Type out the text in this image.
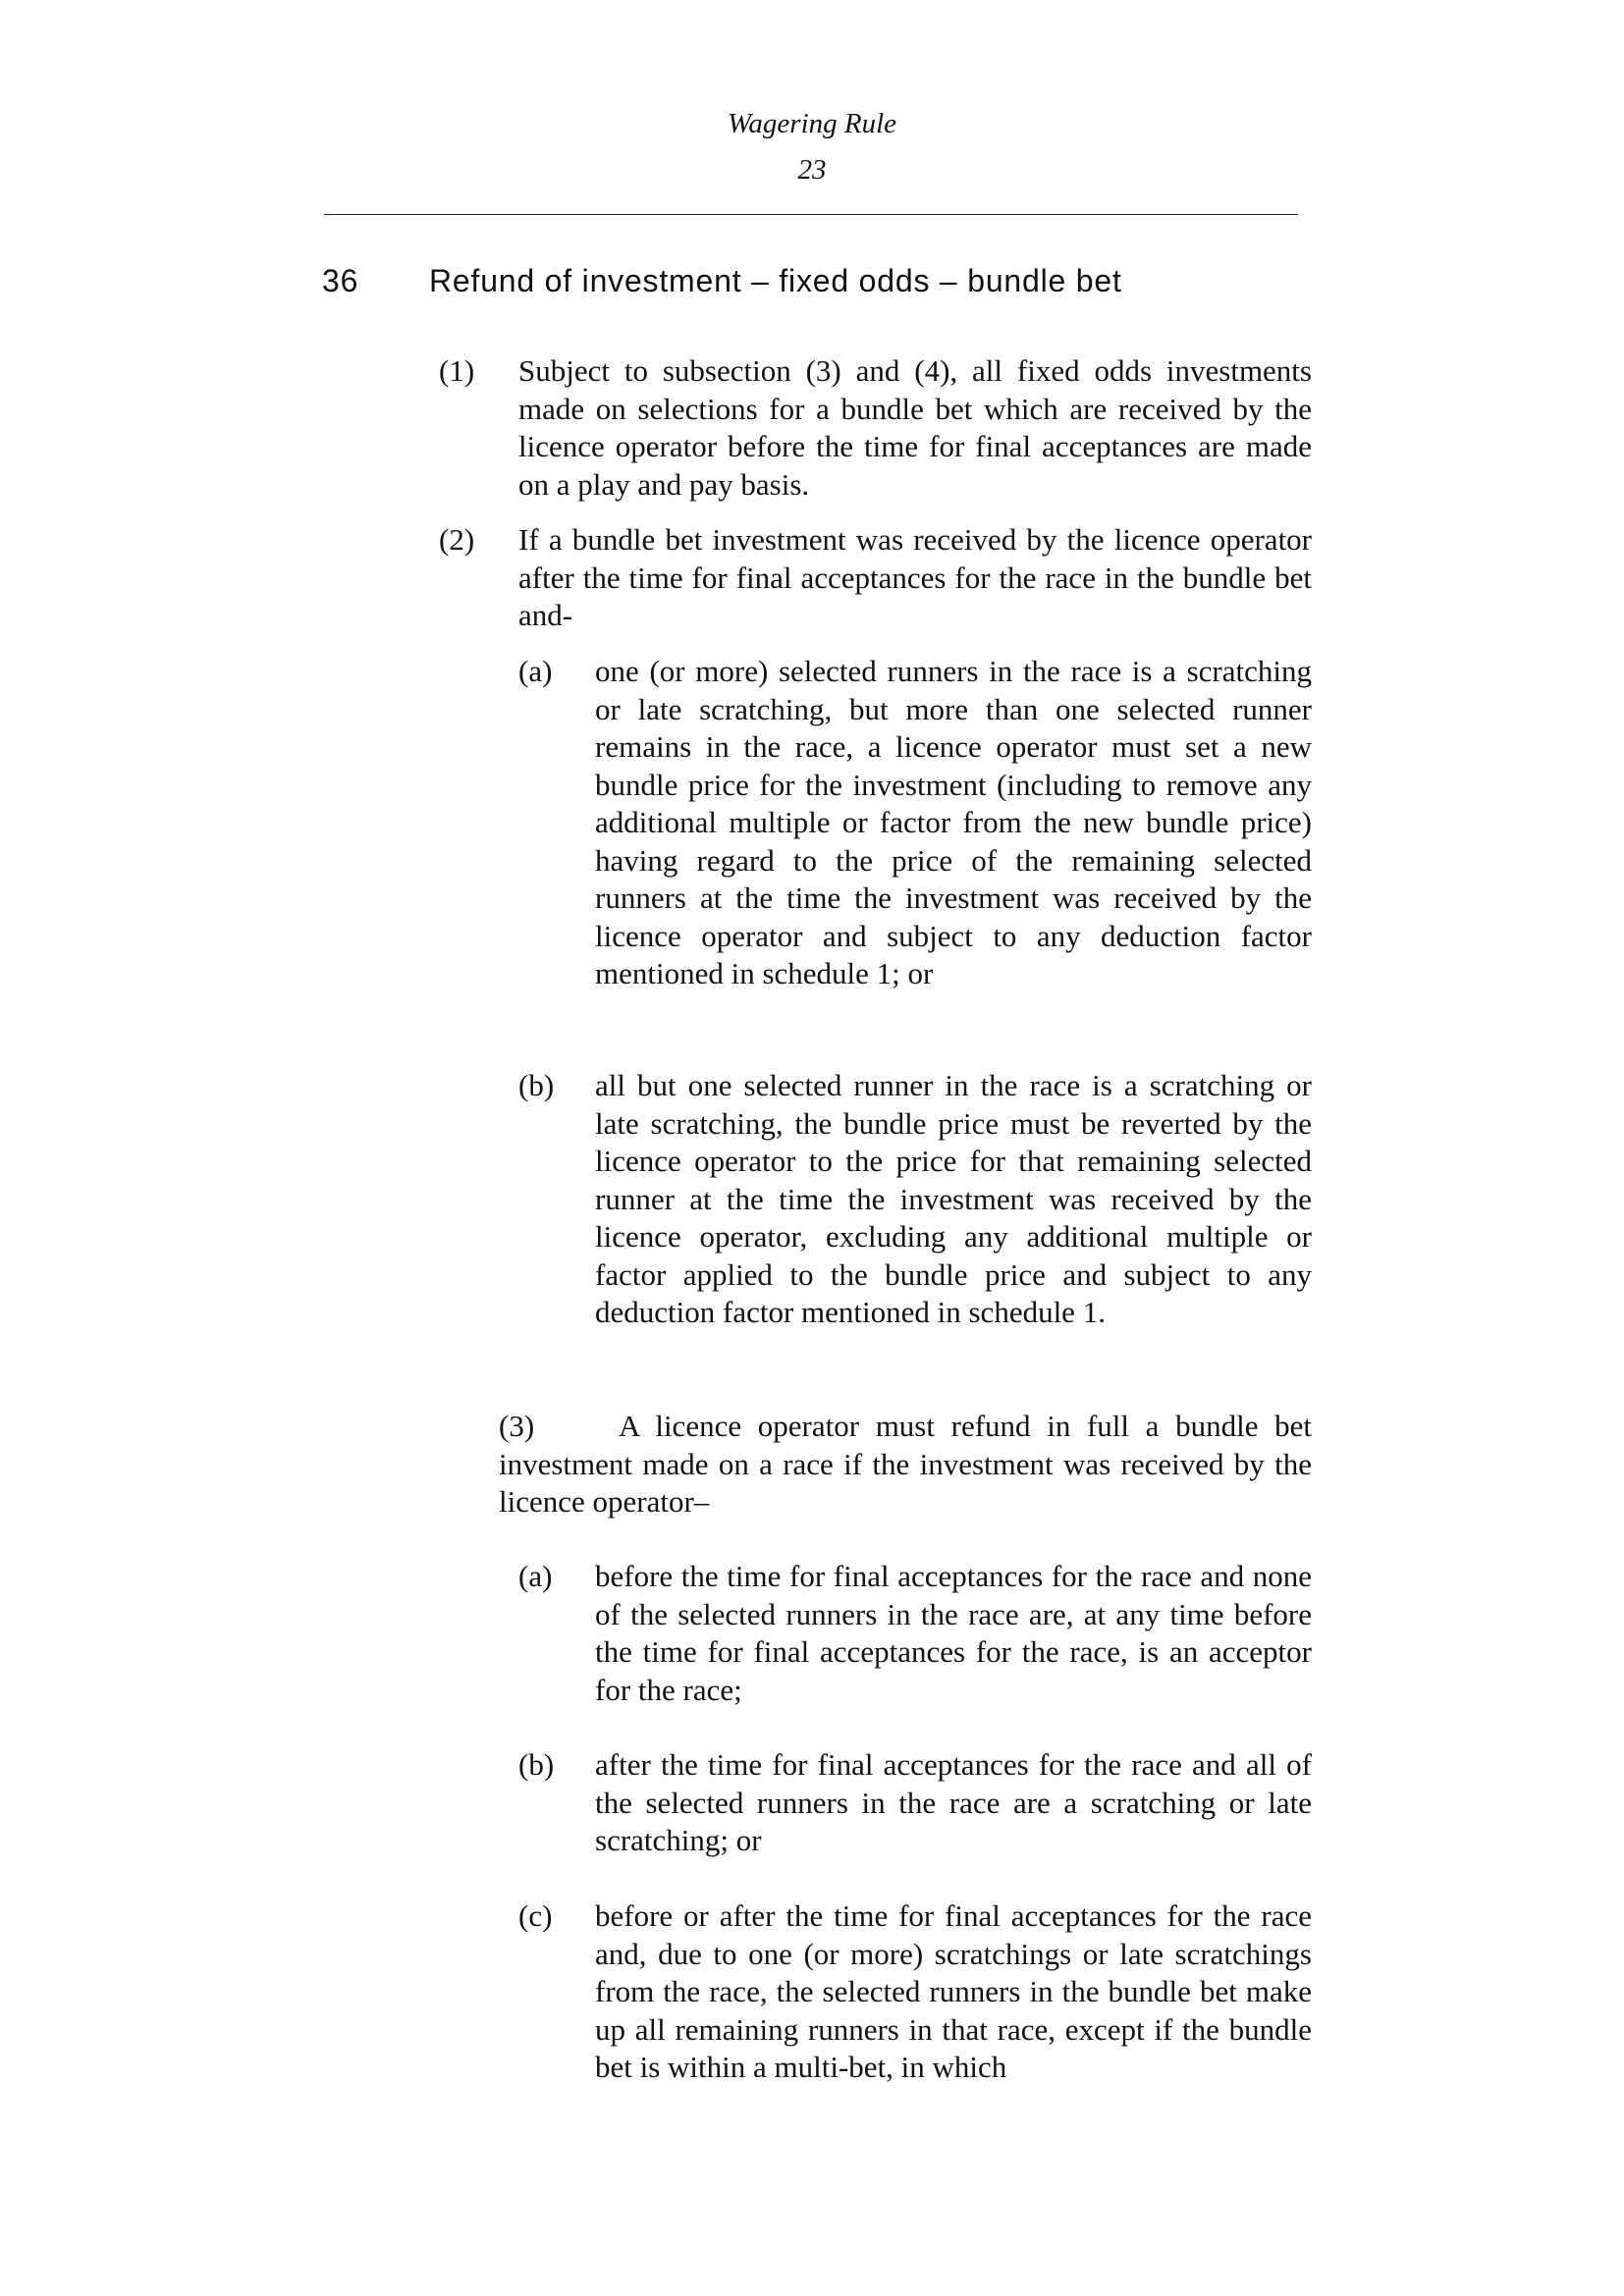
Wagering Rule
23
36 Refund of investment – fixed odds – bundle bet
(1) Subject to subsection (3) and (4), all fixed odds investments made on selections for a bundle bet which are received by the licence operator before the time for final acceptances are made on a play and pay basis.
(2) If a bundle bet investment was received by the licence operator after the time for final acceptances for the race in the bundle bet and-
(a) one (or more) selected runners in the race is a scratching or late scratching, but more than one selected runner remains in the race, a licence operator must set a new bundle price for the investment (including to remove any additional multiple or factor from the new bundle price) having regard to the price of the remaining selected runners at the time the investment was received by the licence operator and subject to any deduction factor mentioned in schedule 1; or
(b) all but one selected runner in the race is a scratching or late scratching, the bundle price must be reverted by the licence operator to the price for that remaining selected runner at the time the investment was received by the licence operator, excluding any additional multiple or factor applied to the bundle price and subject to any deduction factor mentioned in schedule 1.
(3)	A licence operator must refund in full a bundle bet investment made on a race if the investment was received by the licence operator–
(a) before the time for final acceptances for the race and none of the selected runners in the race are, at any time before the time for final acceptances for the race, is an acceptor for the race;
(b) after the time for final acceptances for the race and all of the selected runners in the race are a scratching or late scratching; or
(c) before or after the time for final acceptances for the race and, due to one (or more) scratchings or late scratchings from the race, the selected runners in the bundle bet make up all remaining runners in that race, except if the bundle bet is within a multi-bet, in which
